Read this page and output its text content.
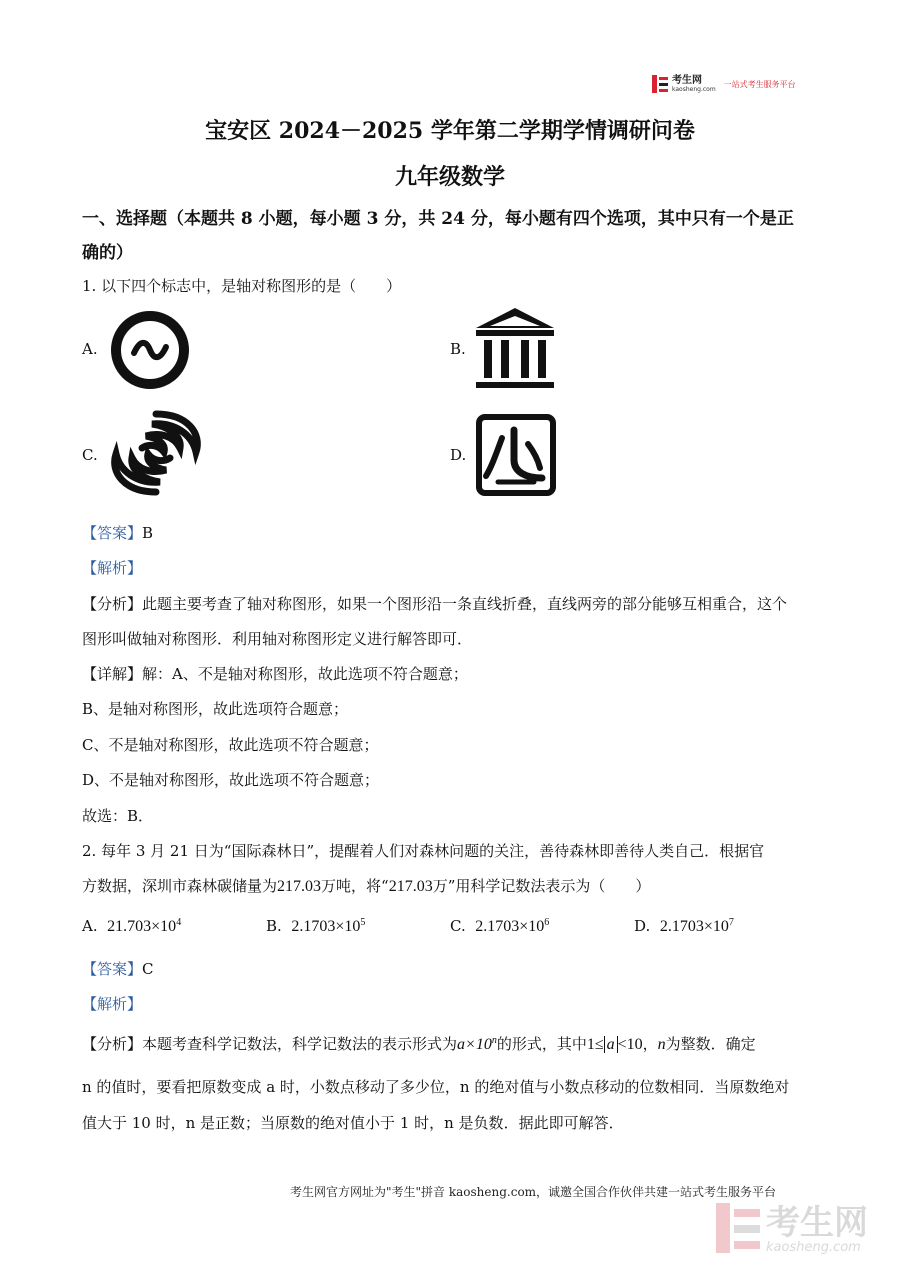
考生网
kaosheng.com
一站式考生服务平台
宝安区 2024－2025 学年第二学期学情调研问卷
九年级数学
一、选择题（本题共 8 小题，每小题 3 分，共 24 分，每小题有四个选项，其中只有一个是正
确的）
1. 以下四个标志中，是轴对称图形的是（　　）
A.	B.
C.	D.
【答案】B
【解析】
【分析】此题主要考查了轴对称图形，如果一个图形沿一条直线折叠，直线两旁的部分能够互相重合，这个
图形叫做轴对称图形．利用轴对称图形定义进行解答即可．
【详解】解：A、不是轴对称图形，故此选项不符合题意；
B、是轴对称图形，故此选项符合题意；
C、不是轴对称图形，故此选项不符合题意；
D、不是轴对称图形，故此选项不符合题意；
故选：B．
2. 每年 3 月 21 日为“国际森林日”，提醒着人们对森林问题的关注，善待森林即善待人类自己．根据官
方数据，深圳市森林碳储量为217.03万吨，将“217.03万”用科学记数法表示为（　　）
A. $21.703\times 10^4$	B. $2.1703\times 10^5$	C. $2.1703\times 10^6$	D. $2.1703\times 10^7$
【答案】C
【解析】
【分析】本题考查科学记数法，科学记数法的表示形式为$a\times 10^n$的形式，其中1≤ a <10，n为整数．确定
n 的值时，要看把原数变成 a 时，小数点移动了多少位，n 的绝对值与小数点移动的位数相同．当原数绝对
值大于 10 时，n 是正数；当原数的绝对值小于 1 时，n 是负数．据此即可解答．
考生网官方网址为"考生"拼音 kaosheng.com，诚邀全国合作伙伴共建一站式考生服务平台
考生网
kaosheng.com
